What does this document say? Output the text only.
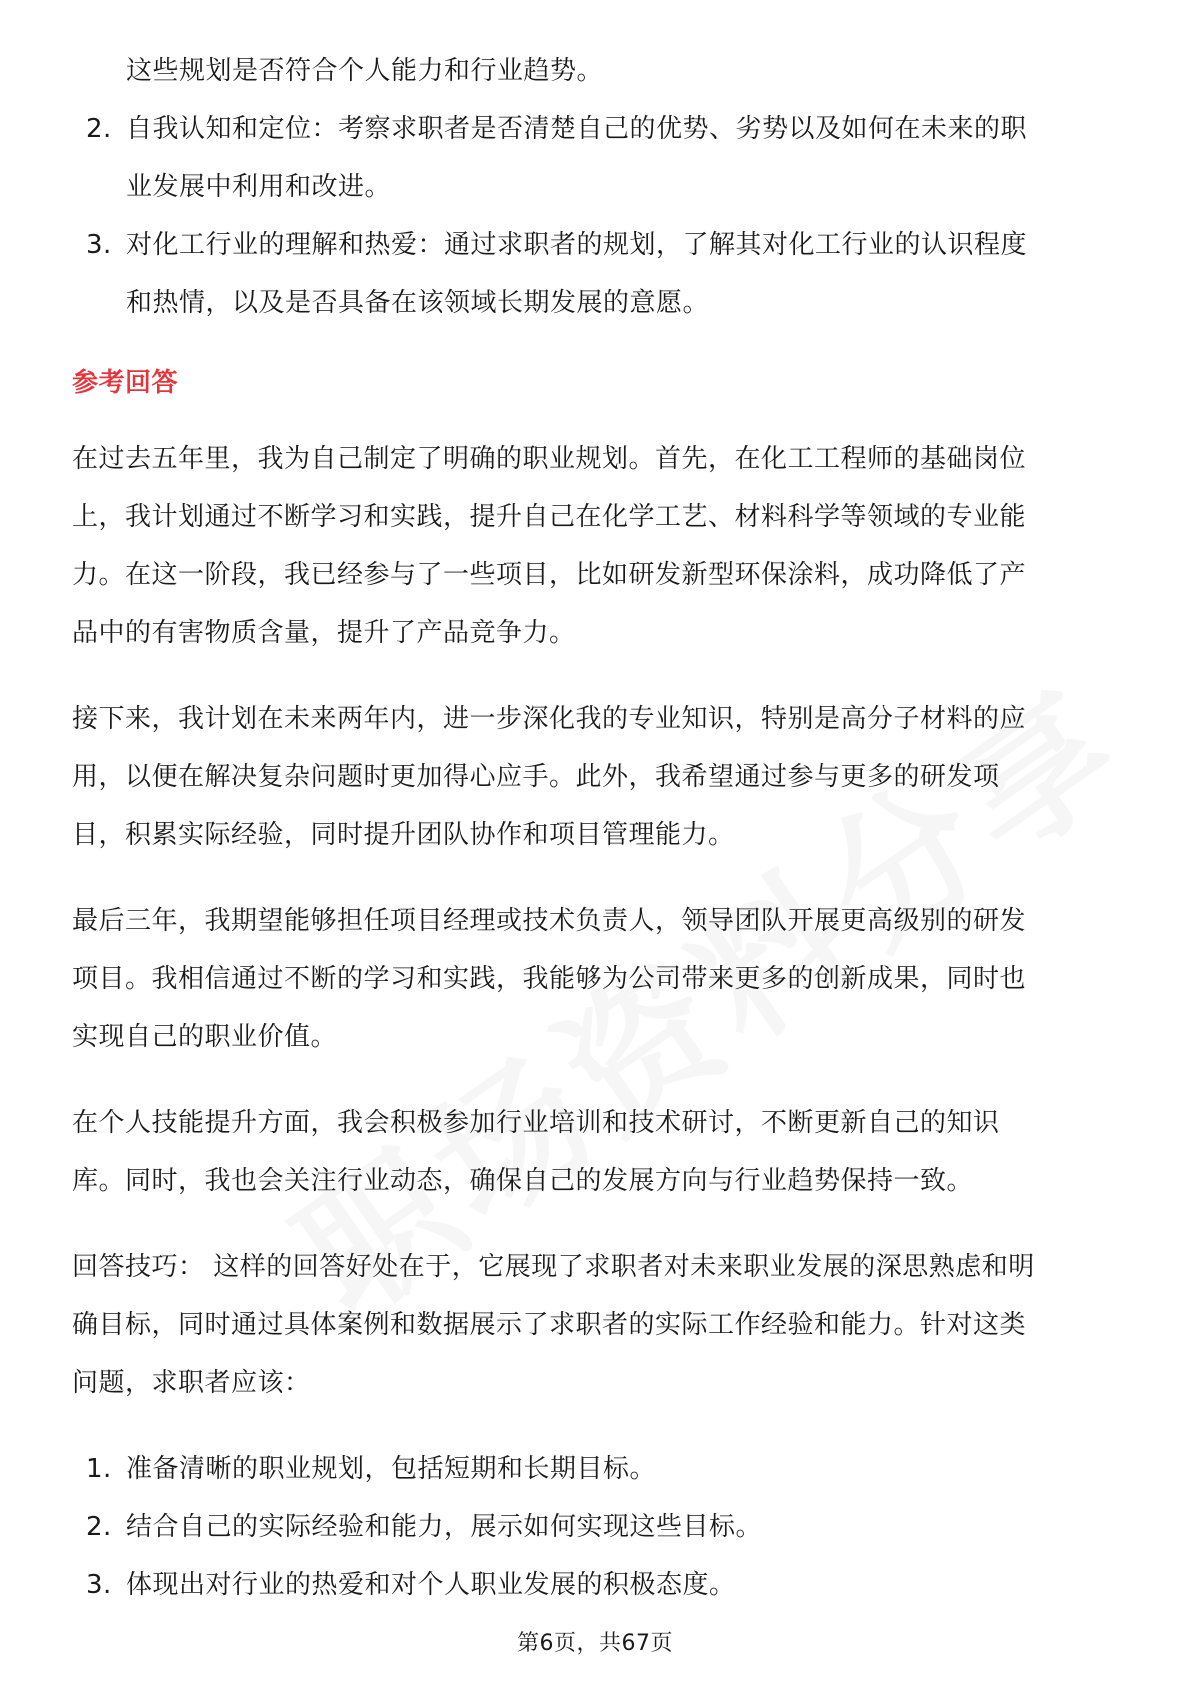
这些规划是否符合个人能力和行业趋势。
2. 自我认知和定位：考察求职者是否清楚自己的优势、劣势以及如何在未来的职
业发展中利用和改进。
3. 对化工行业的理解和热爱：通过求职者的规划，了解其对化工行业的认识程度
和热情，以及是否具备在该领域长期发展的意愿。
参考回答
在过去五年里，我为自己制定了明确的职业规划。首先，在化工工程师的基础岗位
上，我计划通过不断学习和实践，提升自己在化学工艺、材料科学等领域的专业能
力。在这一阶段，我已经参与了一些项目，比如研发新型环保涂料，成功降低了产
品中的有害物质含量，提升了产品竞争力。
接下来，我计划在未来两年内，进一步深化我的专业知识，特别是高分子材料的应
用，以便在解决复杂问题时更加得心应手。此外，我希望通过参与更多的研发项
目，积累实际经验，同时提升团队协作和项目管理能力。
最后三年，我期望能够担任项目经理或技术负责人，领导团队开展更高级别的研发
项目。我相信通过不断的学习和实践，我能够为公司带来更多的创新成果，同时也
实现自己的职业价值。
在个人技能提升方面，我会积极参加行业培训和技术研讨，不断更新自己的知识
库。同时，我也会关注行业动态，确保自己的发展方向与行业趋势保持一致。
回答技巧： 这样的回答好处在于，它展现了求职者对未来职业发展的深思熟虑和明
确目标，同时通过具体案例和数据展示了求职者的实际工作经验和能力。针对这类
问题，求职者应该：
1. 准备清晰的职业规划，包括短期和长期目标。
2. 结合自己的实际经验和能力，展示如何实现这些目标。
3. 体现出对行业的热爱和对个人职业发展的积极态度。
第6页，共67页
